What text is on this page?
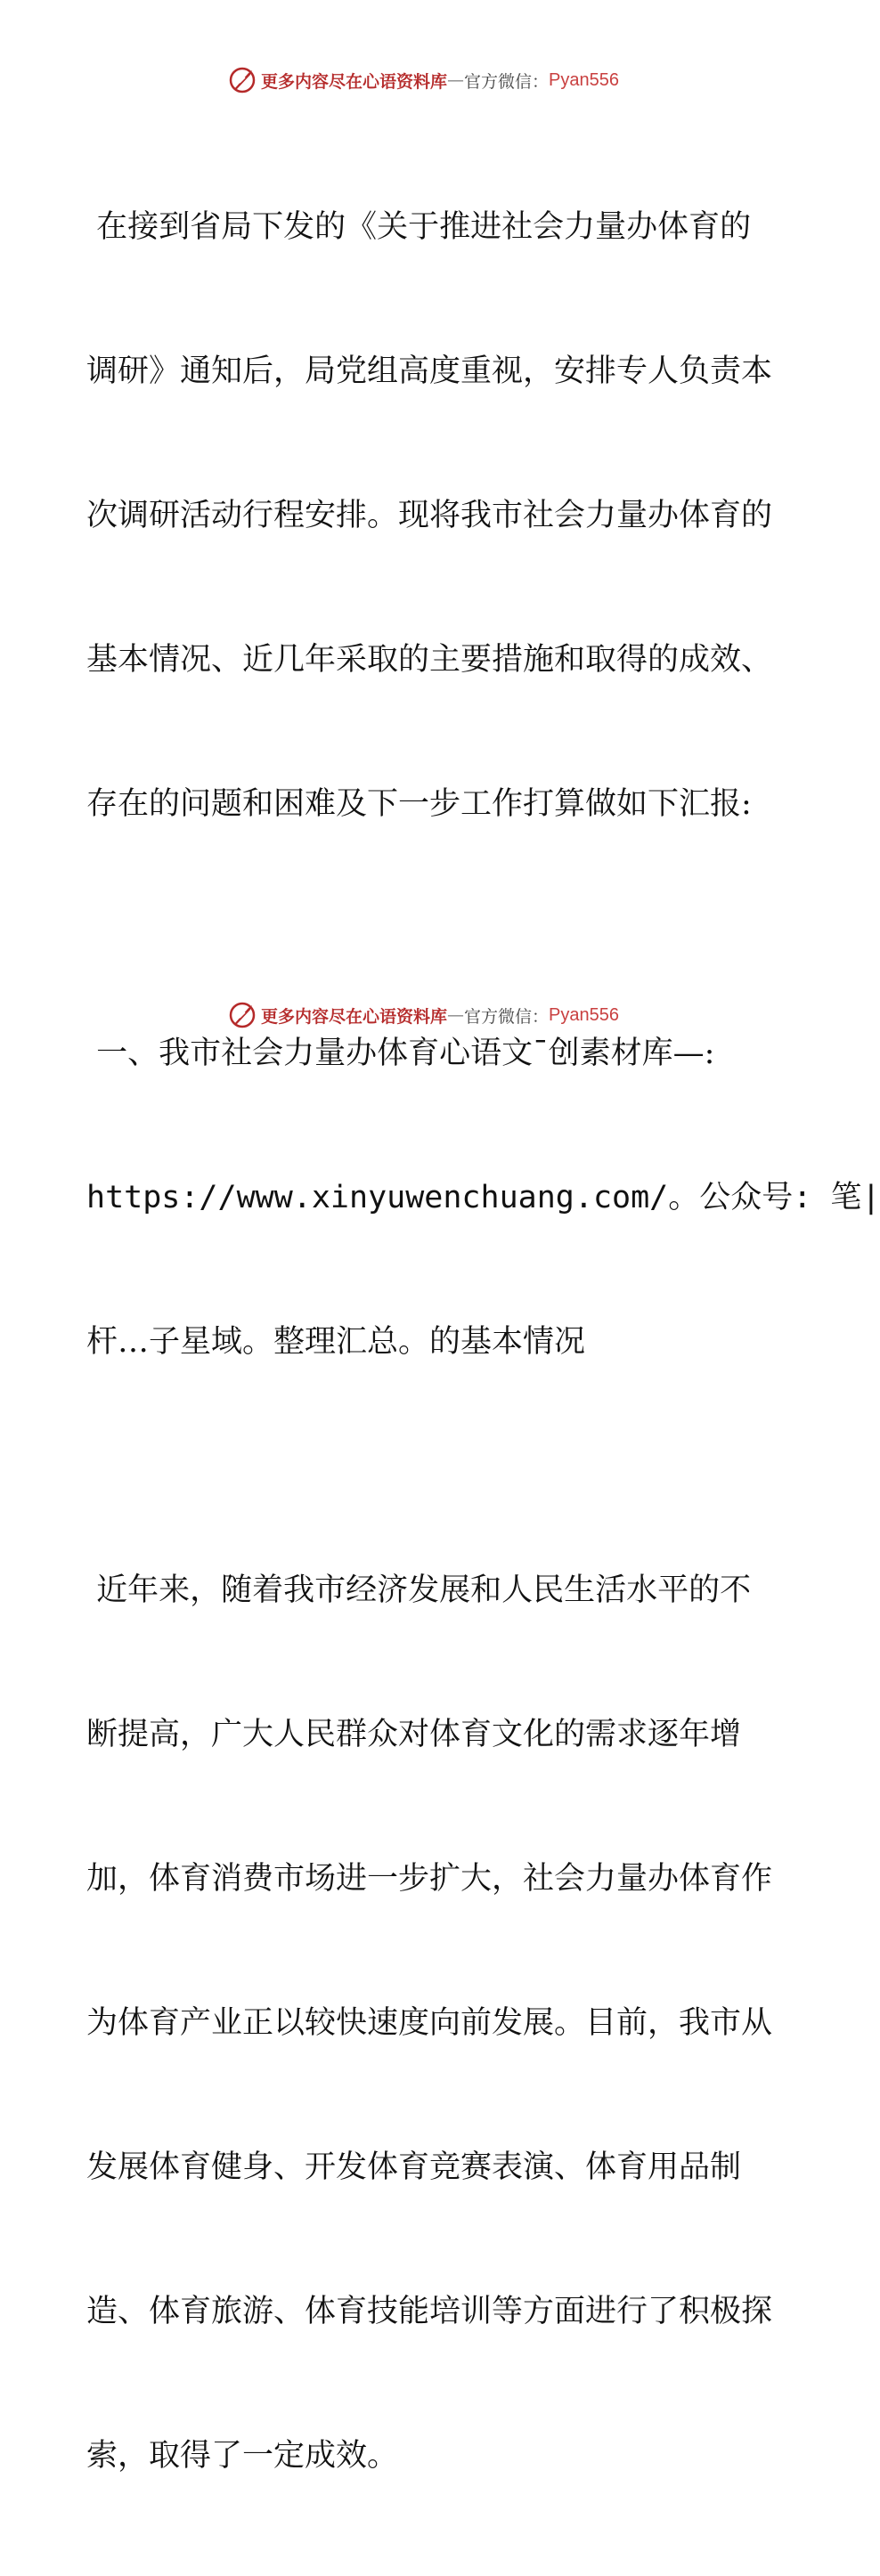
更多内容尽在心语资料库 — 官方微信： Pyan556

在接到省局下发的《关于推进社会力量办体育的

调研》通知后，局党组高度重视，安排专人负责本

次调研活动行程安排。现将我市社会力量办体育的

基本情况、近几年采取的主要措施和取得的成效、

存在的问题和困难及下一步工作打算做如下汇报:

一、我市社会力量办体育心语文¯创素材库—:

https://www.xinyuwenchuang.com/。公众号: 笔|

杆…子星域。整理汇总。的基本情况

近年来，随着我市经济发展和人民生活水平的不

断提高，广大人民群众对体育文化的需求逐年增

加，体育消费市场进一步扩大，社会力量办体育作

为体育产业正以较快速度向前发展。目前，我市从

发展体育健身、开发体育竞赛表演、体育用品制

造、体育旅游、体育技能培训等方面进行了积极探

索，取得了一定成效。

更多内容尽在心语资料库 — 官方微信： Pyan556
